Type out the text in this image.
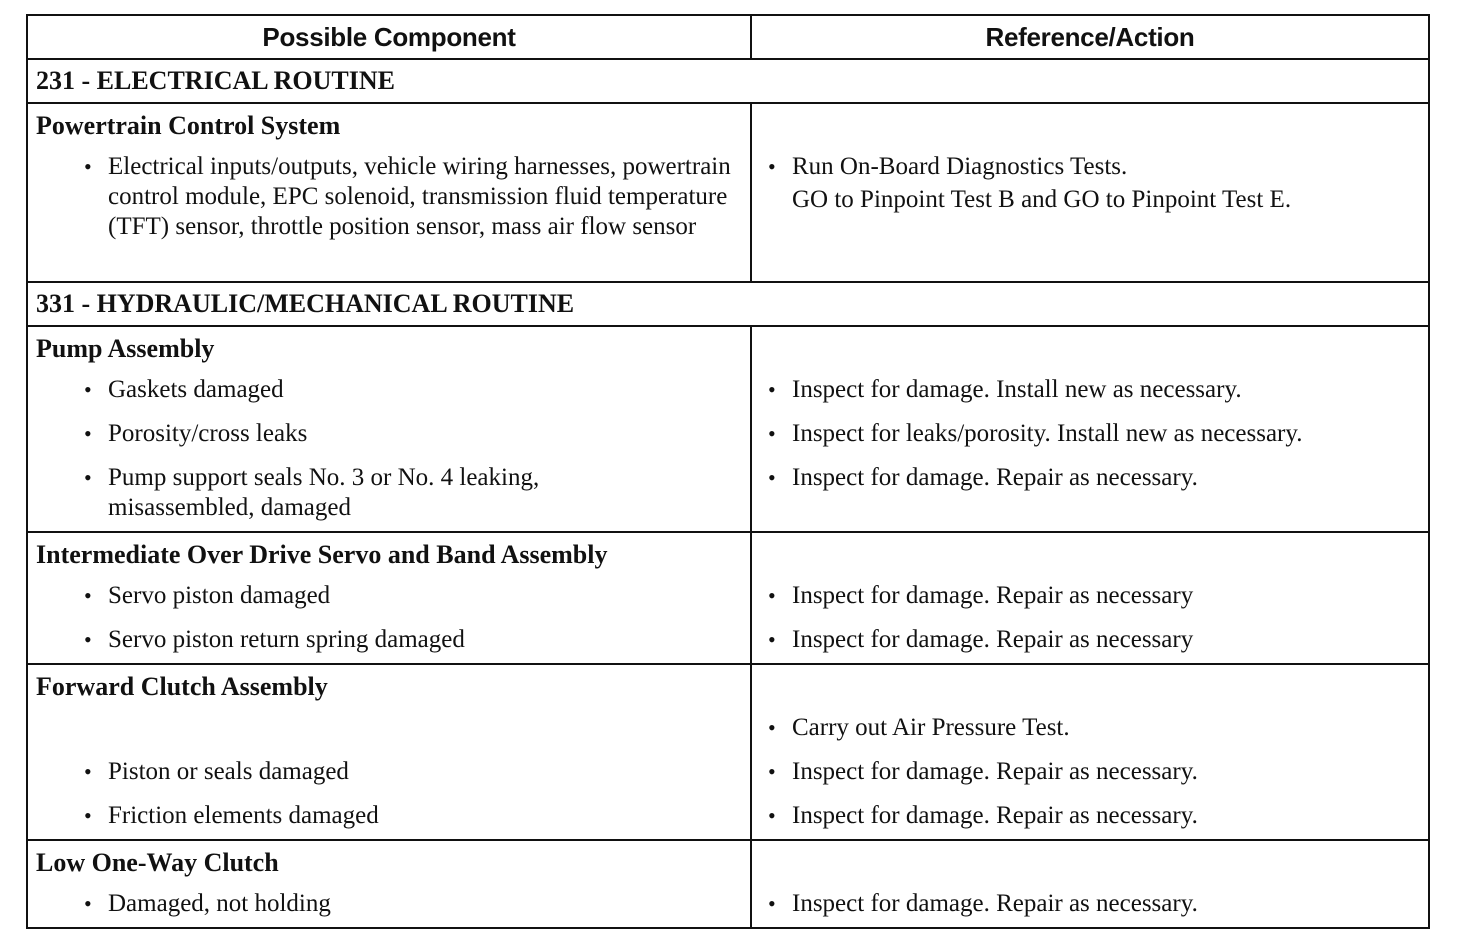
Possible Component	Reference/Action
231 - ELECTRICAL ROUTINE
Powertrain Control System
• Electrical inputs/outputs, vehicle wiring harnesses, powertrain control module, EPC solenoid, transmission fluid temperature (TFT) sensor, throttle position sensor, mass air flow sensor
• Run On-Board Diagnostics Tests.
GO to Pinpoint Test B and GO to Pinpoint Test E.
331 - HYDRAULIC/MECHANICAL ROUTINE
Pump Assembly
• Gaskets damaged
• Porosity/cross leaks
• Pump support seals No. 3 or No. 4 leaking, misassembled, damaged
• Inspect for damage. Install new as necessary.
• Inspect for leaks/porosity. Install new as necessary.
• Inspect for damage. Repair as necessary.
Intermediate Over Drive Servo and Band Assembly
• Servo piston damaged
• Servo piston return spring damaged
• Inspect for damage. Repair as necessary
• Inspect for damage. Repair as necessary
Forward Clutch Assembly
• Piston or seals damaged
• Friction elements damaged
• Carry out Air Pressure Test.
• Inspect for damage. Repair as necessary.
• Inspect for damage. Repair as necessary.
Low One-Way Clutch
• Damaged, not holding	• Inspect for damage. Repair as necessary.
